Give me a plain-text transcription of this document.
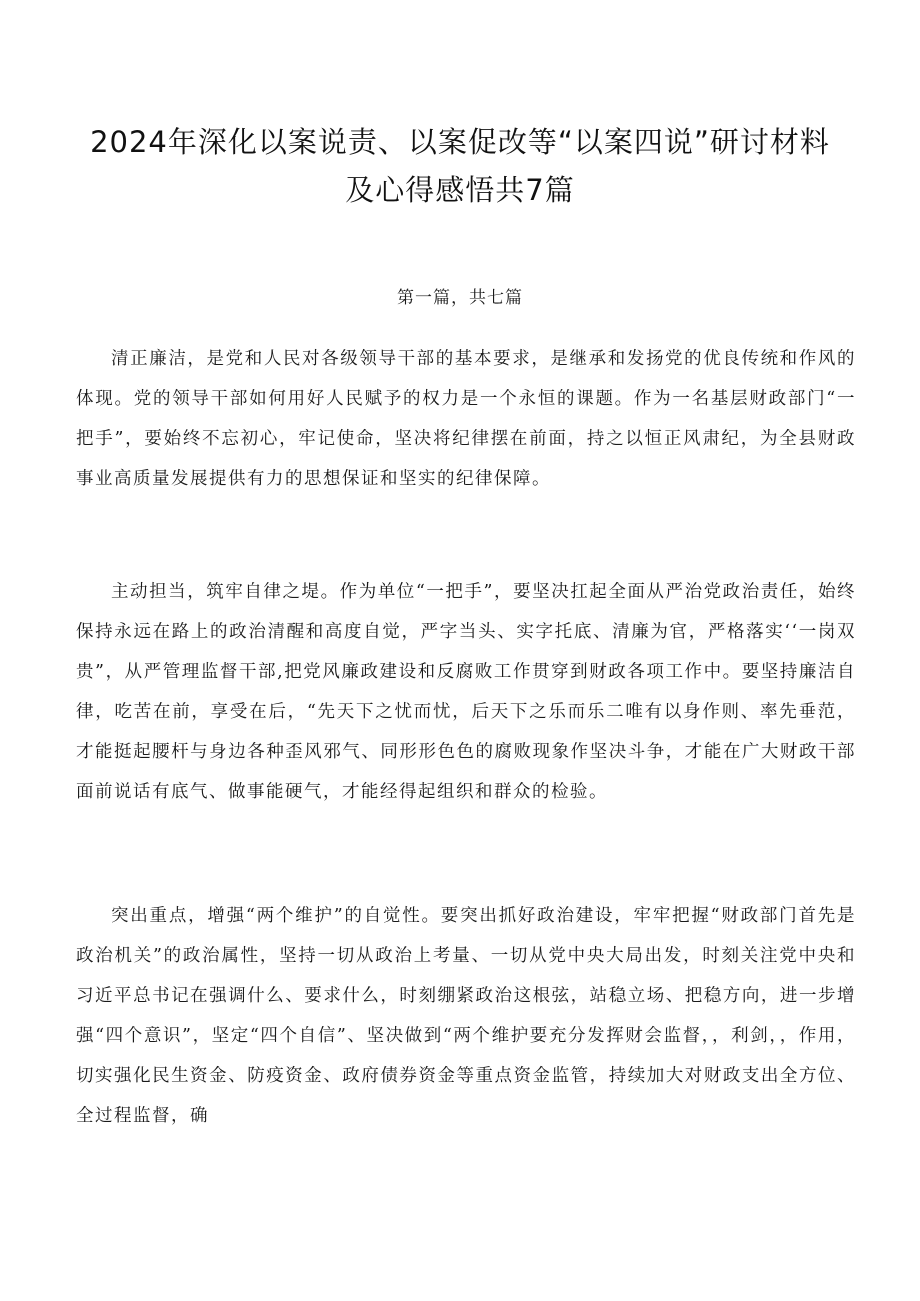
2024年深化以案说责、以案促改等“以案四说”研讨材料及心得感悟共7篇
第一篇，共七篇

清正廉洁，是党和人民对各级领导干部的基本要求，是继承和发扬党的优良传统和作风的体现。党的领导干部如何用好人民赋予的权力是一个永恒的课题。作为一名基层财政部门“一把手”，要始终不忘初心，牢记使命，坚决将纪律摆在前面，持之以恒正风肃纪，为全县财政事业高质量发展提供有力的思想保证和坚实的纪律保障。

主动担当，筑牢自律之堤。作为单位“一把手”，要坚决扛起全面从严治党政治责任，始终保持永远在路上的政治清醒和高度自觉，严字当头、实字托底、清廉为官，严格落实‘‘一岗双贵”，从严管理监督干部,把党风廉政建设和反腐败工作贯穿到财政各项工作中。要坚持廉洁自律，吃苦在前，享受在后，“先天下之忧而忧，后天下之乐而乐二唯有以身作则、率先垂范，才能挺起腰杆与身边各种歪风邪气、同形形色色的腐败现象作坚决斗争，才能在广大财政干部面前说话有底气、做事能硬气，才能经得起组织和群众的检验。

突出重点，增强“两个维护”的自觉性。要突出抓好政治建设，牢牢把握“财政部门首先是政治机关”的政治属性，坚持一切从政治上考量、一切从党中央大局出发，时刻关注党中央和习近平总书记在强调什么、要求什么，时刻绷紧政治这根弦，站稳立场、把稳方向，进一步增强“四个意识”，坚定“四个自信”、坚决做到“两个维护要充分发挥财会监督，，利剑，，作用，切实强化民生资金、防疫资金、政府债券资金等重点资金监管，持续加大对财政支出全方位、全过程监督，确
